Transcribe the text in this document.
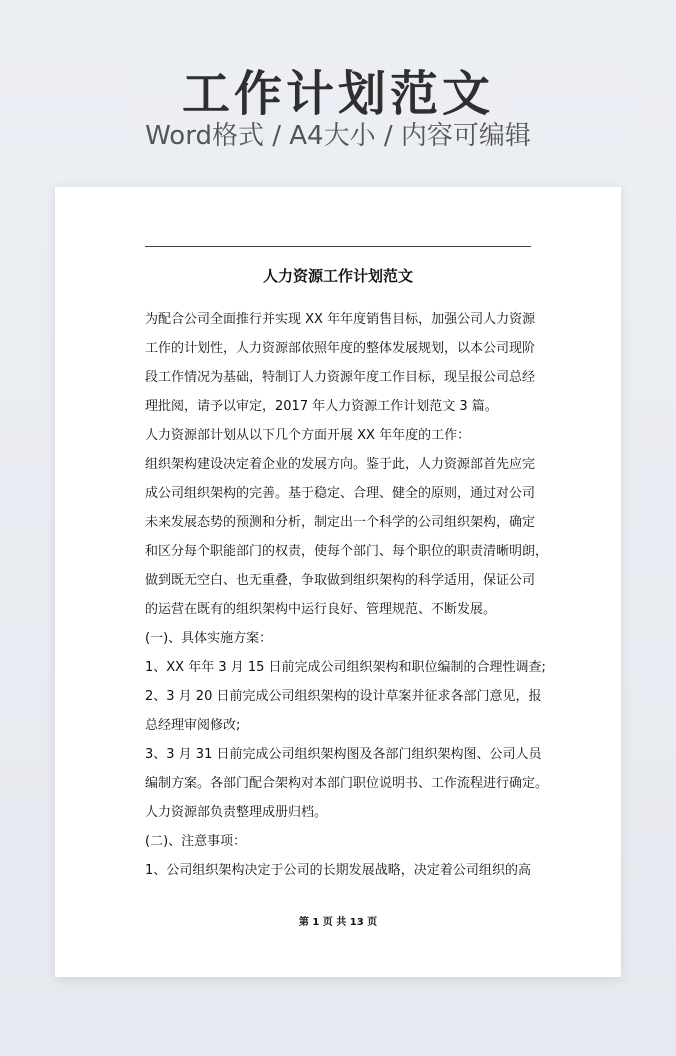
工作计划范文
Word格式 / A4大小 / 内容可编辑
人力资源工作计划范文
为配合公司全面推行并实现 XX 年年度销售目标，加强公司人力资源
工作的计划性，人力资源部依照年度的整体发展规划，以本公司现阶
段工作情况为基础，特制订人力资源年度工作目标，现呈报公司总经
理批阅，请予以审定，2017 年人力资源工作计划范文 3 篇。
人力资源部计划从以下几个方面开展 XX 年年度的工作：
组织架构建设决定着企业的发展方向。鉴于此，人力资源部首先应完
成公司组织架构的完善。基于稳定、合理、健全的原则，通过对公司
未来发展态势的预测和分析，制定出一个科学的公司组织架构，确定
和区分每个职能部门的权责，使每个部门、每个职位的职责清晰明朗，
做到既无空白、也无重叠，争取做到组织架构的科学适用，保证公司
的运营在既有的组织架构中运行良好、管理规范、不断发展。
(一)、具体实施方案：
1、XX 年年 3 月 15 日前完成公司组织架构和职位编制的合理性调查;
2、3 月 20 日前完成公司组织架构的设计草案并征求各部门意见，报
总经理审阅修改;
3、3 月 31 日前完成公司组织架构图及各部门组织架构图、公司人员
编制方案。各部门配合架构对本部门职位说明书、工作流程进行确定。
人力资源部负责整理成册归档。
(二)、注意事项：
1、公司组织架构决定于公司的长期发展战略，决定着公司组织的高
第 1 页 共 13 页
